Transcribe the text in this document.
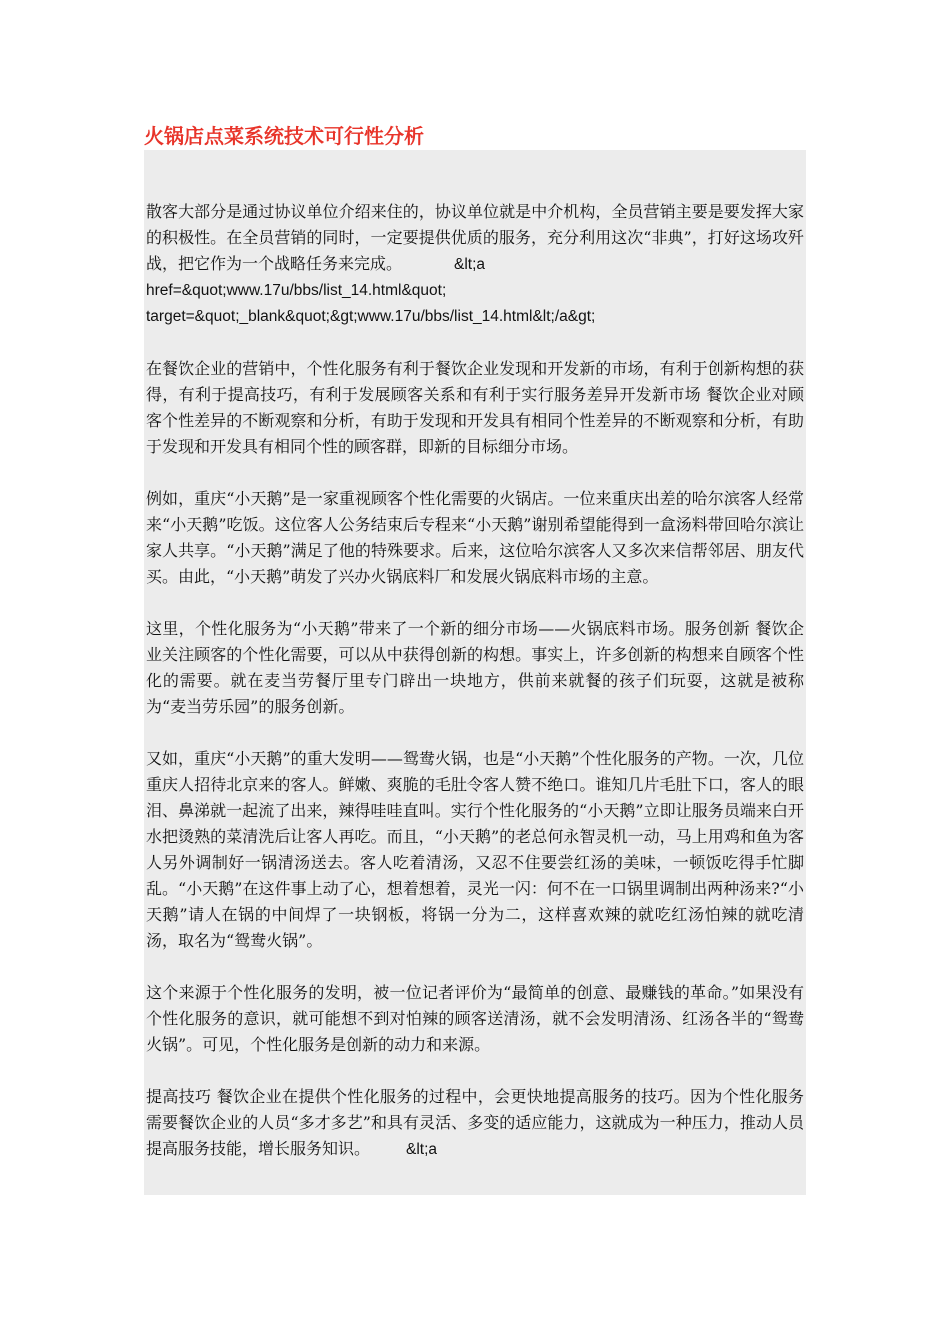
火锅店点菜系统技术可行性分析

散客大部分是通过协议单位介绍来住的，协议单位就是中介机构，全员营销主要是要发挥大家的积极性。在全员营销的同时，一定要提供优质的服务，充分利用这次“非典”，打好这场攻歼战，把它作为一个战略任务来完成。	&lt;a
href=&quot;www.17u/bbs/list_14.html&quot;
target=&quot;_blank&quot;&gt;www.17u/bbs/list_14.html&lt;/a&gt;

在餐饮企业的营销中，个性化服务有利于餐饮企业发现和开发新的市场，有利于创新构想的获得，有利于提高技巧，有利于发展顾客关系和有利于实行服务差异开发新市场 餐饮企业对顾客个性差异的不断观察和分析，有助于发现和开发具有相同个性差异的不断观察和分析，有助于发现和开发具有相同个性的顾客群，即新的目标细分市场。

例如，重庆“小天鹅”是一家重视顾客个性化需要的火锅店。一位来重庆出差的哈尔滨客人经常来“小天鹅”吃饭。这位客人公务结束后专程来“小天鹅”谢别希望能得到一盒汤料带回哈尔滨让家人共享。“小天鹅”满足了他的特殊要求。后来，这位哈尔滨客人又多次来信帮邻居、朋友代买。由此，“小天鹅”萌发了兴办火锅底料厂和发展火锅底料市场的主意。

这里，个性化服务为“小天鹅”带来了一个新的细分市场——火锅底料市场。服务创新 餐饮企业关注顾客的个性化需要，可以从中获得创新的构想。事实上，许多创新的构想来自顾客个性化的需要。就在麦当劳餐厅里专门辟出一块地方，供前来就餐的孩子们玩耍，这就是被称为“麦当劳乐园”的服务创新。

又如，重庆“小天鹅”的重大发明——鸳鸯火锅，也是“小天鹅”个性化服务的产物。一次，几位重庆人招待北京来的客人。鲜嫩、爽脆的毛肚令客人赞不绝口。谁知几片毛肚下口，客人的眼泪、鼻涕就一起流了出来，辣得哇哇直叫。实行个性化服务的“小天鹅”立即让服务员端来白开水把烫熟的菜清洗后让客人再吃。而且，“小天鹅”的老总何永智灵机一动，马上用鸡和鱼为客人另外调制好一锅清汤送去。客人吃着清汤，又忍不住要尝红汤的美味，一顿饭吃得手忙脚乱。“小天鹅”在这件事上动了心，想着想着，灵光一闪：何不在一口锅里调制出两种汤来?“小天鹅”请人在锅的中间焊了一块钢板，将锅一分为二，这样喜欢辣的就吃红汤怕辣的就吃清汤，取名为“鸳鸯火锅”。

这个来源于个性化服务的发明，被一位记者评价为“最简单的创意、最赚钱的革命。”如果没有个性化服务的意识，就可能想不到对怕辣的顾客送清汤，就不会发明清汤、红汤各半的“鸳鸯火锅”。可见，个性化服务是创新的动力和来源。

提高技巧 餐饮企业在提供个性化服务的过程中，会更快地提高服务的技巧。因为个性化服务需要餐饮企业的人员“多才多艺”和具有灵活、多变的适应能力，这就成为一种压力，推动人员提高服务技能，增长服务知识。 &lt;a
